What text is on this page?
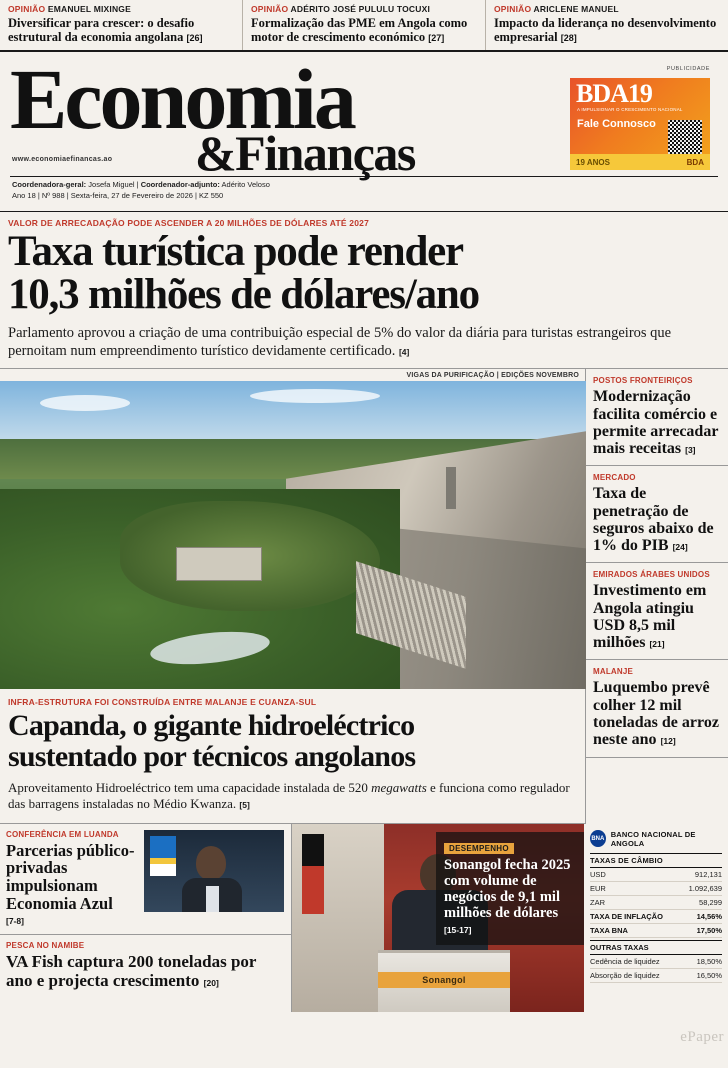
OPINIÃO EMANUEL MIXINGE
Diversificar para crescer: o desafio estrutural da economia angolana [26]
OPINIÃO ADÉRITO JOSÉ PULULU TOCUXI
Formalização das PME em Angola como motor de crescimento económico [27]
OPINIÃO ARICLENE MANUEL
Impacto da liderança no desenvolvimento empresarial [28]
Economia
&Finanças
www.economiaefinancas.ao
PUBLICIDADE
BDA19
A IMPULSIONAR O CRESCIMENTO NACIONAL
Fale Connosco
19 ANOS	BDA
Coordenadora-geral: Josefa Miguel | Coordenador-adjunto: Adérito Veloso
Ano 18 | Nº 988 | Sexta-feira, 27 de Fevereiro de 2026 | KZ 550
VALOR DE ARRECADAÇÃO PODE ASCENDER A 20 MILHÕES DE DÓLARES ATÉ 2027
Taxa turística pode render
10,3 milhões de dólares/ano
Parlamento aprovou a criação de uma contribuição especial de 5% do valor da diária para turistas estrangeiros que pernoitam num empreendimento turístico devidamente certificado. [4]
VIGAS DA PURIFICAÇÃO | EDIÇÕES NOVEMBRO
INFRA-ESTRUTURA FOI CONSTRUÍDA ENTRE MALANJE E CUANZA-SUL
Capanda, o gigante hidroeléctrico
sustentado por técnicos angolanos
Aproveitamento Hidroeléctrico tem uma capacidade instalada de 520 megawatts e funciona como regulador das barragens instaladas no Médio Kwanza. [5]
POSTOS FRONTEIRIÇOS
Modernização facilita comércio e permite arrecadar mais receitas [3]
MERCADO
Taxa de penetração de seguros abaixo de 1% do PIB [24]
EMIRADOS ÁRABES UNIDOS
Investimento em Angola atingiu USD 8,5 mil milhões [21]
MALANJE
Luquembo prevê colher 12 mil toneladas de arroz neste ano [12]
CONFERÊNCIA EM LUANDA
Parcerias público-privadas impulsionam Economia Azul
[7-8]
PESCA NO NAMIBE
VA Fish captura 200 toneladas por ano e projecta crescimento [20]	Sonangol
DESEMPENHO
Sonangol fecha 2025 com volume de negócios de 9,1 mil milhões de dólares [15-17]
BNA BANCO NACIONAL DE ANGOLA
TAXAS DE CÂMBIO
USD	912,131
EUR	1.092,639
ZAR	58,299
TAXA DE INFLAÇÃO	14,56%
TAXA BNA	17,50%
OUTRAS TAXAS
Cedência de liquidez	18,50%
Absorção de liquidez	16,50%
ePaper
